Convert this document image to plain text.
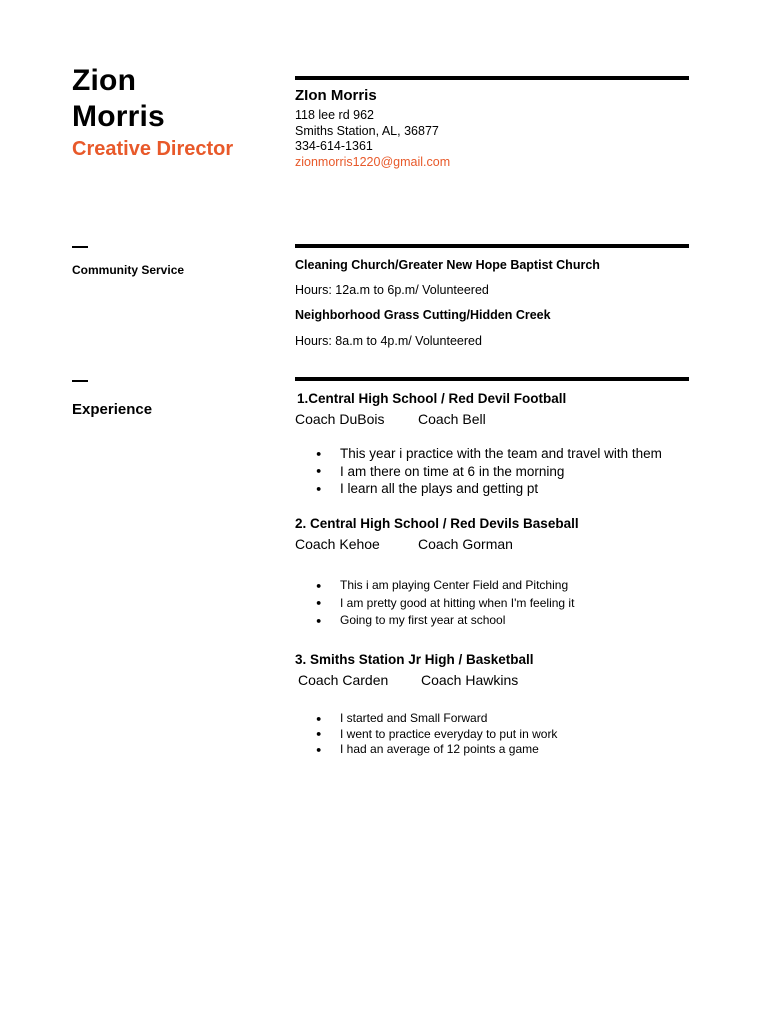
Zion
Morris
Creative Director
ZIon Morris
118 lee rd 962
Smiths Station, AL, 36877
334-614-1361
zionmorris1220@gmail.com
Community Service	Cleaning Church/Greater New Hope Baptist Church
Hours: 12a.m to 6p.m/ Volunteered
Neighborhood Grass Cutting/Hidden Creek
Hours: 8a.m to 4p.m/ Volunteered
Experience
1.Central High School / Red Devil Football
Coach DuBois Coach Bell
● This year i practice with the team and travel with them
● I am there on time at 6 in the morning
● I learn all the plays and getting pt
2. Central High School / Red Devils Baseball
Coach Kehoe	Coach Gorman
● This i am playing Center Field and Pitching
● I am pretty good at hitting when I'm feeling it
● Going to my first year at school
3. Smiths Station Jr High / Basketball
Coach Carden Coach Hawkins
● I started and Small Forward
● I went to practice everyday to put in work
● I had an average of 12 points a game
